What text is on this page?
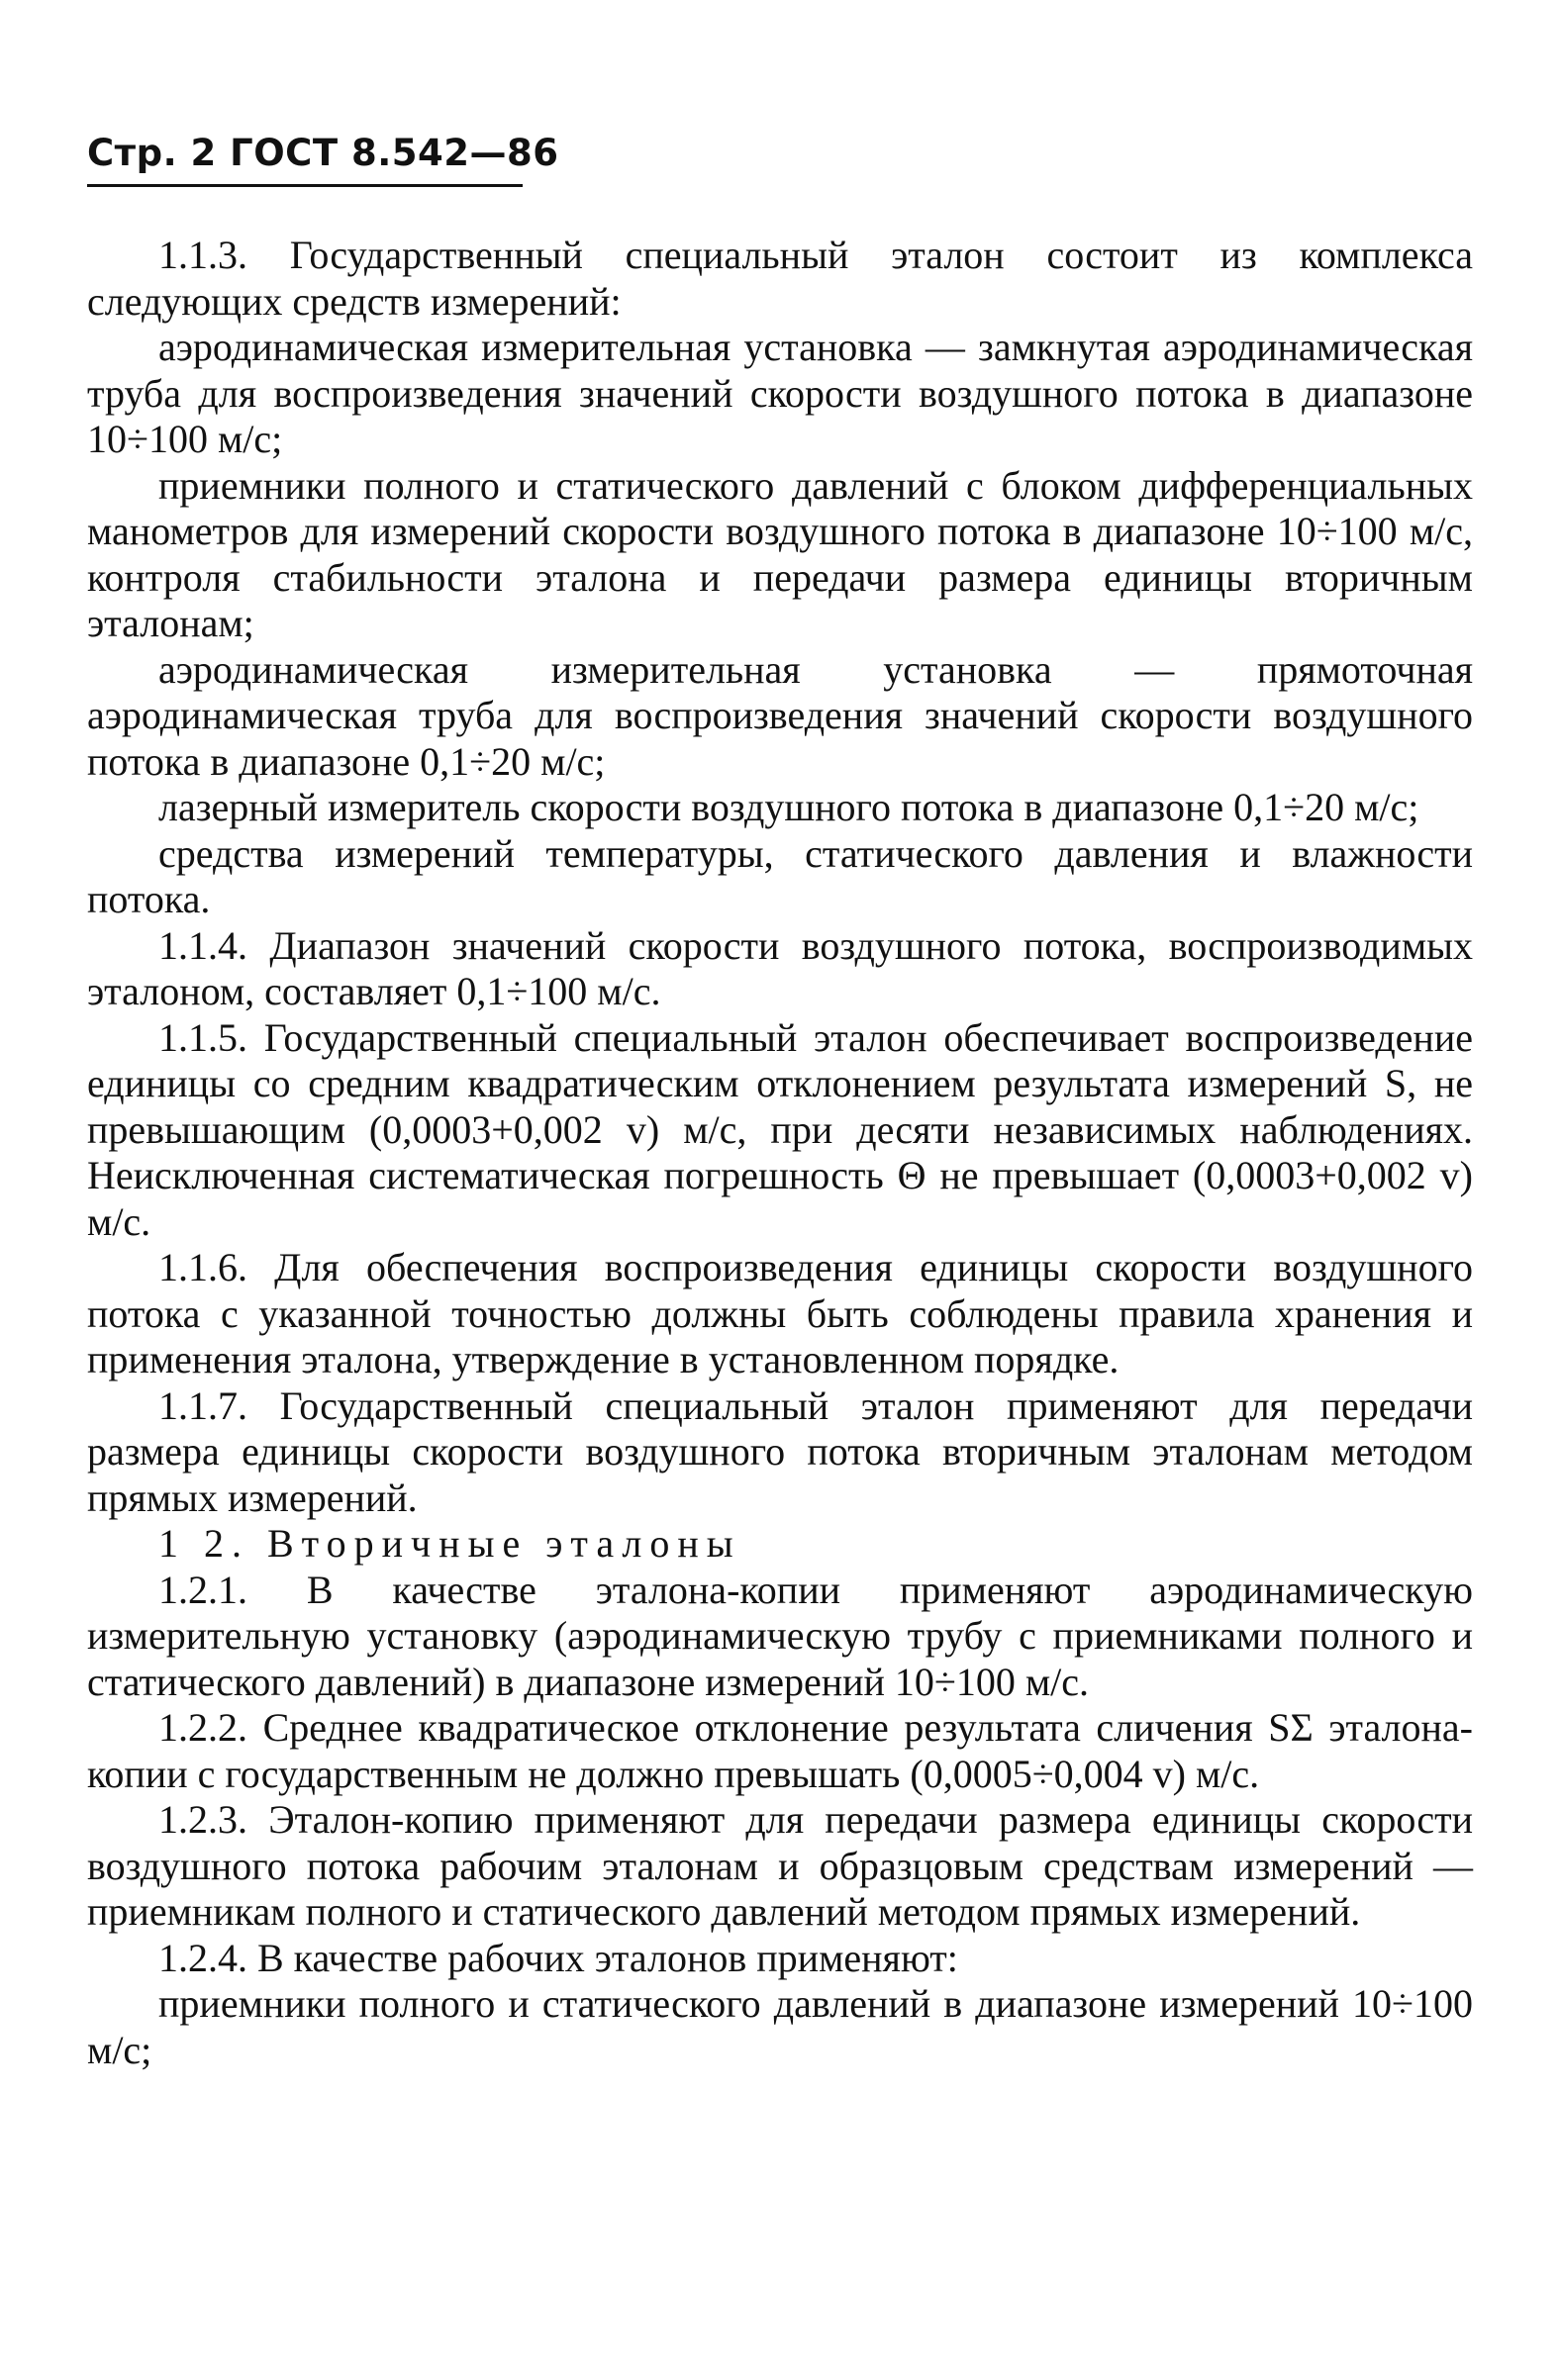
Стр. 2 ГОСТ 8.542—86

1.1.3. Государственный специальный эталон состоит из комплекса следующих средств измерений:

аэродинамическая измерительная установка — замкнутая аэродинамическая труба для воспроизведения значений скорости воздушного потока в диапазоне 10÷100 м/с;

приемники полного и статического давлений с блоком дифференциальных манометров для измерений скорости воздушного потока в диапазоне 10÷100 м/с, контроля стабильности эталона и передачи размера единицы вторичным эталонам;

аэродинамическая измерительная установка — прямоточная аэродинамическая труба для воспроизведения значений скорости воздушного потока в диапазоне 0,1÷20 м/с;

лазерный измеритель скорости воздушного потока в диапазоне 0,1÷20 м/с;

средства измерений температуры, статического давления и влажности потока.

1.1.4. Диапазон значений скорости воздушного потока, воспроизводимых эталоном, составляет 0,1÷100 м/с.

1.1.5. Государственный специальный эталон обеспечивает воспроизведение единицы со средним квадратическим отклонением результата измерений S, не превышающим (0,0003+0,002 v) м/с, при десяти независимых наблюдениях. Неисключенная систематическая погрешность Θ не превышает (0,0003+0,002 v) м/с.

1.1.6. Для обеспечения воспроизведения единицы скорости воздушного потока с указанной точностью должны быть соблюдены правила хранения и применения эталона, утверждение в установленном порядке.

1.1.7. Государственный специальный эталон применяют для передачи размера единицы скорости воздушного потока вторичным эталонам методом прямых измерений.

1 2. Вторичные эталоны

1.2.1. В качестве эталона-копии применяют аэродинамическую измерительную установку (аэродинамическую трубу с приемниками полного и статического давлений) в диапазоне измерений 10÷100 м/с.

1.2.2. Среднее квадратическое отклонение результата сличения SΣ эталона-копии с государственным не должно превышать (0,0005÷0,004 v) м/с.

1.2.3. Эталон-копию применяют для передачи размера единицы скорости воздушного потока рабочим эталонам и образцовым средствам измерений — приемникам полного и статического давлений методом прямых измерений.

1.2.4. В качестве рабочих эталонов применяют:

приемники полного и статического давлений в диапазоне измерений 10÷100 м/с;
